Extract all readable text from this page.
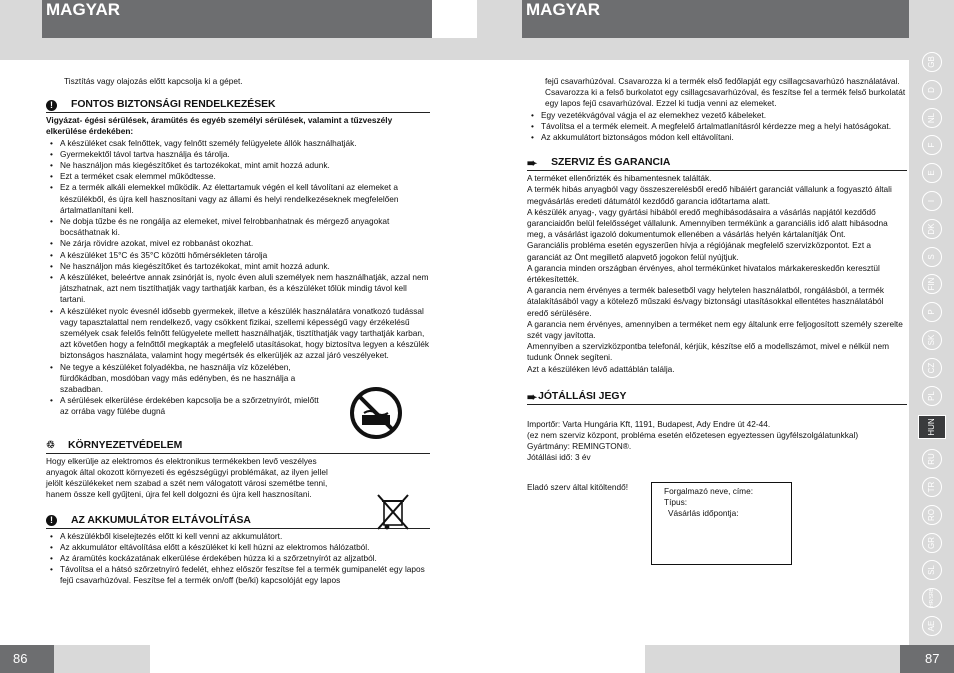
MAGYAR

Tisztítás vagy olajozás előtt kapcsolja ki a gépet.

!	FONTOS BIZTONSÁGI RENDELKEZÉSEK

Vigyázat- égési sérülések, áramütés és egyéb személyi sérülések, valamint a tűzveszély elkerülése érdekében:

• A készüléket csak felnőttek, vagy felnőtt személy felügyelete állók használhatják.
• Gyermekektől távol tartva használja és tárolja.
• Ne használjon más kiegészítőket és tartozékokat, mint amit hozzá adunk.
• Ezt a terméket csak elemmel működtesse.
• Ez a termék alkáli elemekkel működik. Az élettartamuk végén el kell távolítani az elemeket a készülékből, és újra kell hasznosítani vagy az állami és helyi rendelkezéseknek megfelelően ártalmatlanítani kell.
• Ne dobja tűzbe és ne rongálja az elemeket, mivel felrobbanhatnak és mérgező anyagokat bocsáthatnak ki.
• Ne zárja rövidre azokat, mivel ez robbanást okozhat.
• A készüléket 15°C és 35°C közötti hőmérsékleten tárolja
• Ne használjon más kiegészítőket és tartozékokat, mint amit hozzá adunk.
• A készüléket, beleértve annak zsinórját is, nyolc éven aluli személyek nem használhatják, azzal nem játszhatnak, azt nem tisztíthatják vagy tarthatják karban, és a készüléket tőlük mindig távol kell tartani.
• A készüléket nyolc évesnél idősebb gyermekek, illetve a készülék használatára vonatkozó tudással vagy tapasztalattal nem rendelkező, vagy csökkent fizikai, szellemi képességű vagy érzékelésű személyek csak felelős felnőtt felügyelete mellett használhatják, tisztíthatják vagy tarthatják karban, azt követően hogy a felnőttől megkapták a megfelelő utasításokat, hogy biztosítva legyen a készülék biztonságos használata, valamint hogy megértsék és elkerüljék az azzal járó veszélyeket.
• Ne tegye a készüléket folyadékba, ne használja víz közelében, fürdőkádban, mosdóban vagy más edényben, és ne használja a szabadban.
• A sérülések elkerülése érdekében kapcsolja be a szőrzetnyírót, mielőtt az orrába vagy fülébe dugná
♲	KÖRNYEZETVÉDELEM

Hogy elkerülje az elektromos és elektronikus termékekben levő veszélyes anyagok által okozott környezeti és egészségügyi problémákat, az ilyen jellel jelölt készülékeket nem szabad a szét nem válogatott városi szemétbe tenni, hanem össze kell gyűjteni, újra fel kell dolgozni és újra kell hasznosítani.

!	AZ AKKUMULÁTOR ELTÁVOLÍTÁSA
• A készülékből kiselejtezés előtt ki kell venni az akkumulátort.
• Az akkumulátor eltávolítása előtt a készüléket ki kell húzni az elektromos hálózatból.
• Az áramütés kockázatának elkerülése érdekében húzza ki a szőrzetnyírót az aljzatból.
• Távolítsa el a hátsó szőrzetnyíró fedelét, ehhez először feszítse fel a termék gumipanelét egy lapos fejű csavarhúzóval. Feszítse fel a termék on/off (be/ki) kapcsolóját egy lapos
86
MAGYAR

fejű csavarhúzóval. Csavarozza ki a termék első fedőlapját egy csillagcsavarhúzó használatával. Csavarozza ki a felső burkolatot egy csillagcsavarhúzóval, és feszítse fel a termék felső burkolatát egy lapos fejű csavarhúzóval. Ezzel ki tudja venni az elemeket.

• Egy vezetékvágóval vágja el az elemekhez vezető kábeleket.
• Távolítsa el a termék elemeit. A megfelelő ártalmatlanításról kérdezze meg a helyi hatóságokat.
• Az akkumulátort biztonságos módon kell eltávolítani.
➨ SZERVIZ ÉS GARANCIA

A terméket ellenőrizték és hibamentesnek találták.

A termék hibás anyagból vagy összeszerelésből eredő hibáiért garanciát vállalunk a fogyasztó általi megvásárlás eredeti dátumától kezdődő garancia időtartama alatt.

A készülék anyag-, vagy gyártási hibából eredő meghibásodásaira a vásárlás napjától kezdődő garanciaidőn belül felelősséget vállalunk. Amennyiben termékünk a garanciális idő alatt hibásodna meg, a vásárlást igazoló dokumentumok ellenében a vásárlás helyén kártalanítják Önt.

Garanciális probléma esetén egyszerűen hívja a régiójának megfelelő szervizközpontot. Ezt a garanciát az Önt megillető alapvető jogokon felül nyújtjuk.

A garancia minden országban érvényes, ahol termékünket hivatalos márkakereskedőn keresztül értékesítették.

A garancia nem érvényes a termék balesetből vagy helytelen használatból, rongálásból, a termék átalakításából vagy a kötelező műszaki és/vagy biztonsági utasításokkal ellentétes használatából eredő sérülésére.

A garancia nem érvényes, amennyiben a terméket nem egy általunk erre feljogosított személy szerelte szét vagy javította.

Amennyiben a szervizközpontba telefonál, kérjük, készítse elő a modellszámot, mivel e nélkül nem tudunk Önnek segíteni.

Azt a készüléken lévő adattáblán találja.

➨ JÓTÁLLÁSI JEGY

Importőr: Varta Hungária Kft, 1191, Budapest, Ady Endre út 42-44.

(ez nem szerviz központ, probléma esetén előzetesen egyeztessen ügyfélszolgálatunkkal)

Gyártmány: REMINGTON®.

Jótállási idő: 3 év

Eladó szerv által kitöltendő!	Forgalmazó neve, címe:
Típus:
Vásárlás időpontja:
87
GB
D
NL
F
E
I
DK
S
FIN
P
SK
CZ
PL
HUN
RU
TR
RO
GR
SL
HR/SRB
AE
